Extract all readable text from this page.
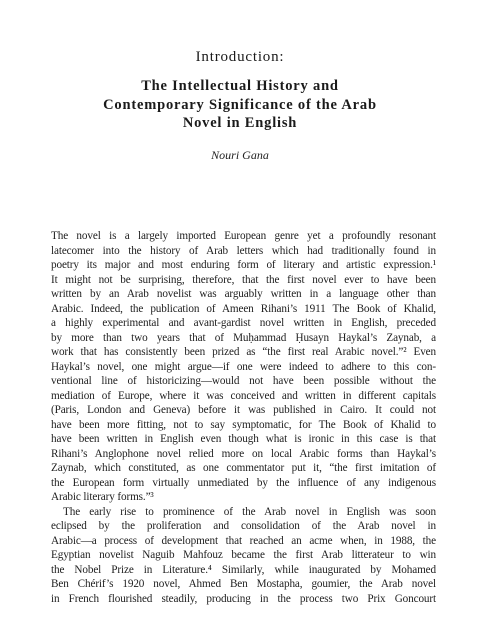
Introduction:
The Intellectual History and
Contemporary Significance of the Arab
Novel in English
Nouri Gana
The novel is a largely imported European genre yet a profoundly resonant
latecomer into the history of Arab letters which had traditionally found in
poetry its major and most enduring form of literary and artistic expression.¹
It might not be surprising, therefore, that the first novel ever to have been
written by an Arab novelist was arguably written in a language other than
Arabic. Indeed, the publication of Ameen Rihani’s 1911 The Book of Khalid,
a highly experimental and avant-gardist novel written in English, preceded
by more than two years that of Muḥammad Ḥusayn Haykal’s Zaynab, a
work that has consistently been prized as “the first real Arabic novel.”² Even
Haykal’s novel, one might argue—if one were indeed to adhere to this con-
ventional line of historicizing—would not have been possible without the
mediation of Europe, where it was conceived and written in different capitals
(Paris, London and Geneva) before it was published in Cairo. It could not
have been more fitting, not to say symptomatic, for The Book of Khalid to
have been written in English even though what is ironic in this case is that
Rihani’s Anglophone novel relied more on local Arabic forms than Haykal’s
Zaynab, which constituted, as one commentator put it, “the first imitation of
the European form virtually unmediated by the influence of any indigenous
Arabic literary forms.”³
The early rise to prominence of the Arab novel in English was soon
eclipsed by the proliferation and consolidation of the Arab novel in
Arabic—a process of development that reached an acme when, in 1988, the
Egyptian novelist Naguib Mahfouz became the first Arab litterateur to win
the Nobel Prize in Literature.⁴ Similarly, while inaugurated by Mohamed
Ben Chérif’s 1920 novel, Ahmed Ben Mostapha, goumier, the Arab novel
in French flourished steadily, producing in the process two Prix Goncourt
